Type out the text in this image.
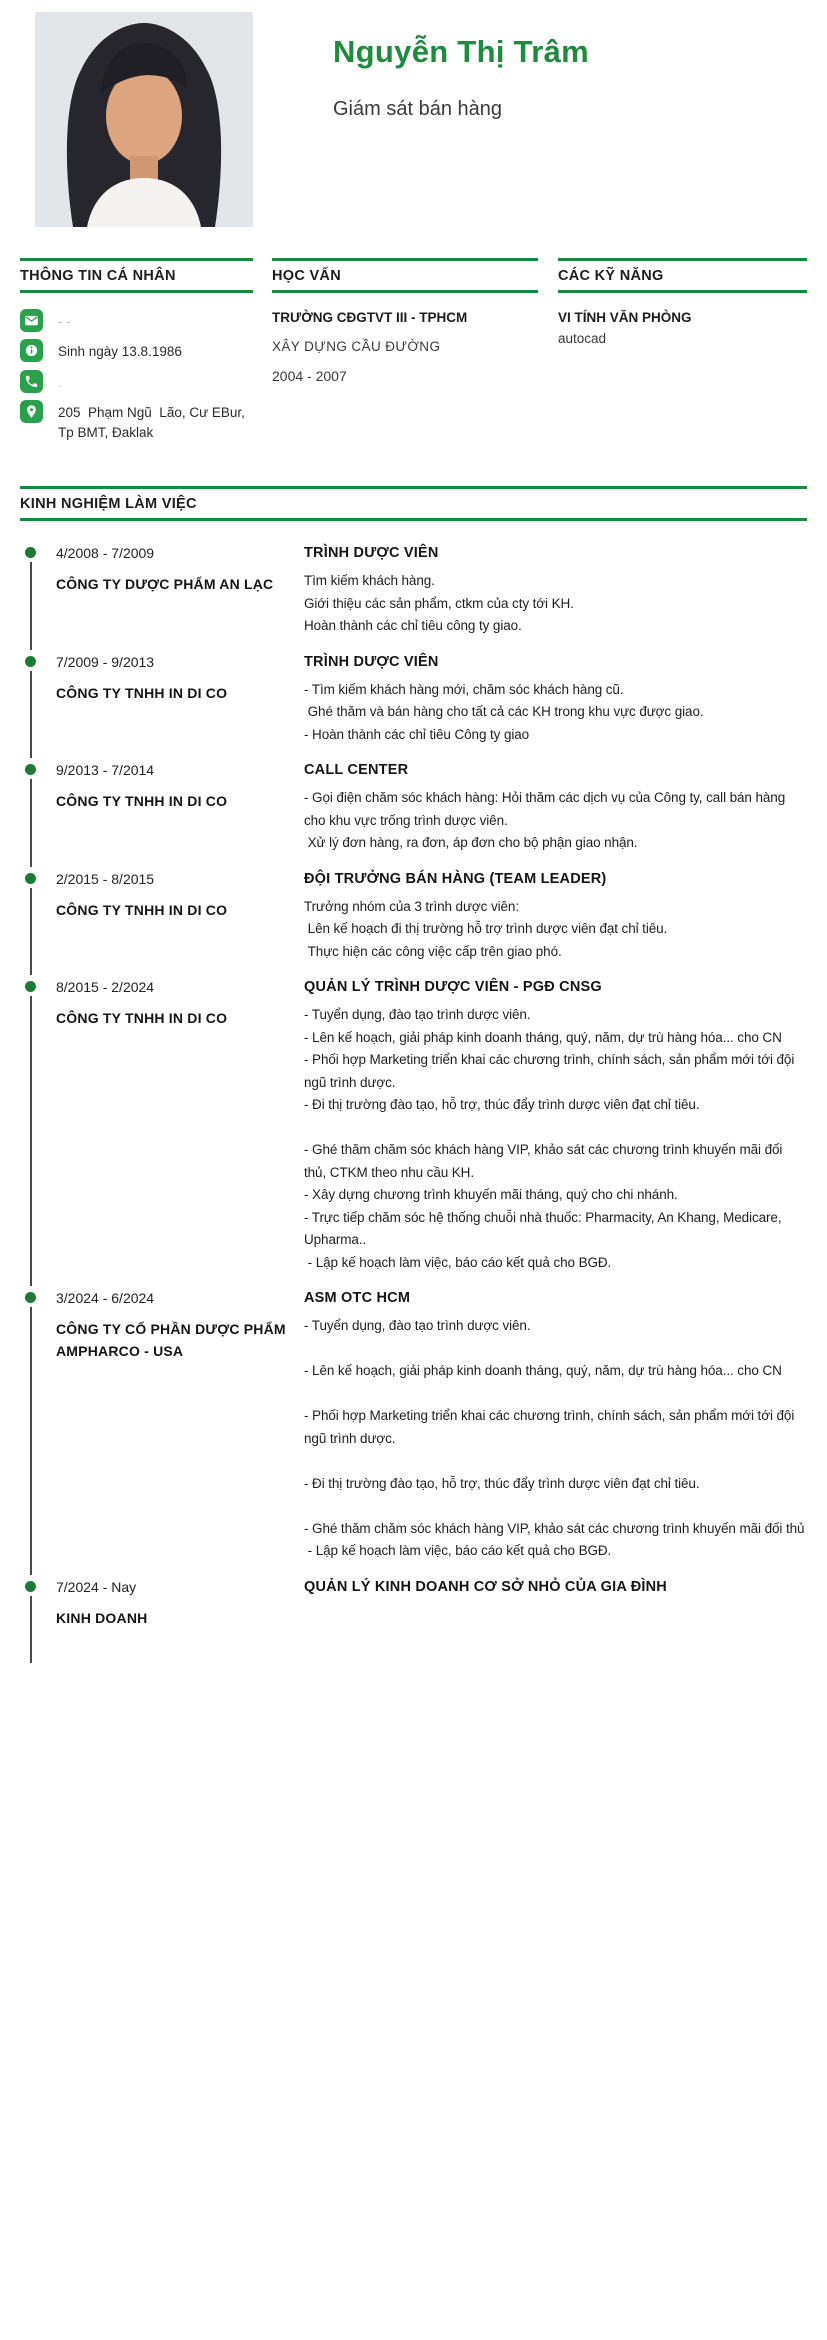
Nguyễn Thị Trâm
Giám sát bán hàng
THÔNG TIN CÁ NHÂN
- -
Sinh ngày 13.8.1986
.
205  Phạm Ngũ  Lão, Cư EBur, Tp BMT, Đaklak
HỌC VẤN
TRƯỜNG CĐGTVT III - TPHCM
XÂY DỰNG CẦU ĐƯỜNG
2004 - 2007
CÁC KỸ NĂNG
VI TÍNH VĂN PHÒNG
autocad
KINH NGHIỆM LÀM VIỆC
4/2008 - 7/2009
CÔNG TY DƯỢC PHẨM AN LẠC
TRÌNH DƯỢC VIÊN
Tìm kiếm khách hàng.
Giới thiệu các sản phẩm, ctkm của cty tới KH.
Hoàn thành các chỉ tiêu công ty giao.
7/2009 - 9/2013
CÔNG TY TNHH IN DI CO
TRÌNH DƯỢC VIÊN
- Tìm kiếm khách hàng mới, chăm sóc khách hàng cũ.
Ghé thăm và bán hàng cho tất cả các KH trong khu vực được giao.
- Hoàn thành các chỉ tiêu Công ty giao
9/2013 - 7/2014
CÔNG TY TNHH IN DI CO
CALL CENTER
- Gọi điện chăm sóc khách hàng: Hỏi thăm các dịch vụ của Công ty, call bán hàng cho khu vực trống trình dược viên.
Xử lý đơn hàng, ra đơn, áp đơn cho bộ phận giao nhận.
2/2015 - 8/2015
CÔNG TY TNHH IN DI CO
ĐỘI TRƯỞNG BÁN HÀNG (TEAM LEADER)
Trưởng nhóm của 3 trình dược viên:
Lên kế hoạch đi thị trường hỗ trợ trình dược viên đạt chỉ tiêu.
Thực hiện các công việc cấp trên giao phó.
8/2015 - 2/2024
CÔNG TY TNHH IN DI CO
QUẢN LÝ TRÌNH DƯỢC VIÊN - PGĐ CNSG
- Tuyển dụng, đào tạo trình dược viên.
- Lên kế hoạch, giải pháp kinh doanh tháng, quý, năm, dự trù hàng hóa... cho CN
- Phối hợp Marketing triển khai các chương trình, chính sách, sản phẩm mới tới đội ngũ trình dược.
- Đi thị trường đào tạo, hỗ trợ, thúc đẩy trình dược viên đạt chỉ tiêu.
- Ghé thăm chăm sóc khách hàng VIP, khảo sát các chương trình khuyến mãi đối thủ, CTKM theo nhu cầu KH.
- Xây dựng chương trình khuyến mãi tháng, quý cho chi nhánh.
- Trực tiếp chăm sóc hệ thống chuỗi nhà thuốc: Pharmacity, An Khang, Medicare, Upharma..
- Lập kế hoạch làm việc, báo cáo kết quả cho BGĐ.
3/2024 - 6/2024
CÔNG TY CỔ PHẦN DƯỢC PHẨM AMPHARCO - USA
ASM OTC HCM
- Tuyển dụng, đào tạo trình dược viên.
- Lên kế hoạch, giải pháp kinh doanh tháng, quý, năm, dự trù hàng hóa... cho CN
- Phối hợp Marketing triển khai các chương trình, chính sách, sản phẩm mới tới đội ngũ trình dược.
- Đi thị trường đào tạo, hỗ trợ, thúc đẩy trình dược viên đạt chỉ tiêu.
- Ghé thăm chăm sóc khách hàng VIP, khảo sát các chương trình khuyến mãi đối thủ
- Lập kế hoạch làm việc, báo cáo kết quả cho BGĐ.
7/2024 - Nay
KINH DOANH
QUẢN LÝ KINH DOANH CƠ SỞ NHỎ CỦA GIA ĐÌNH
